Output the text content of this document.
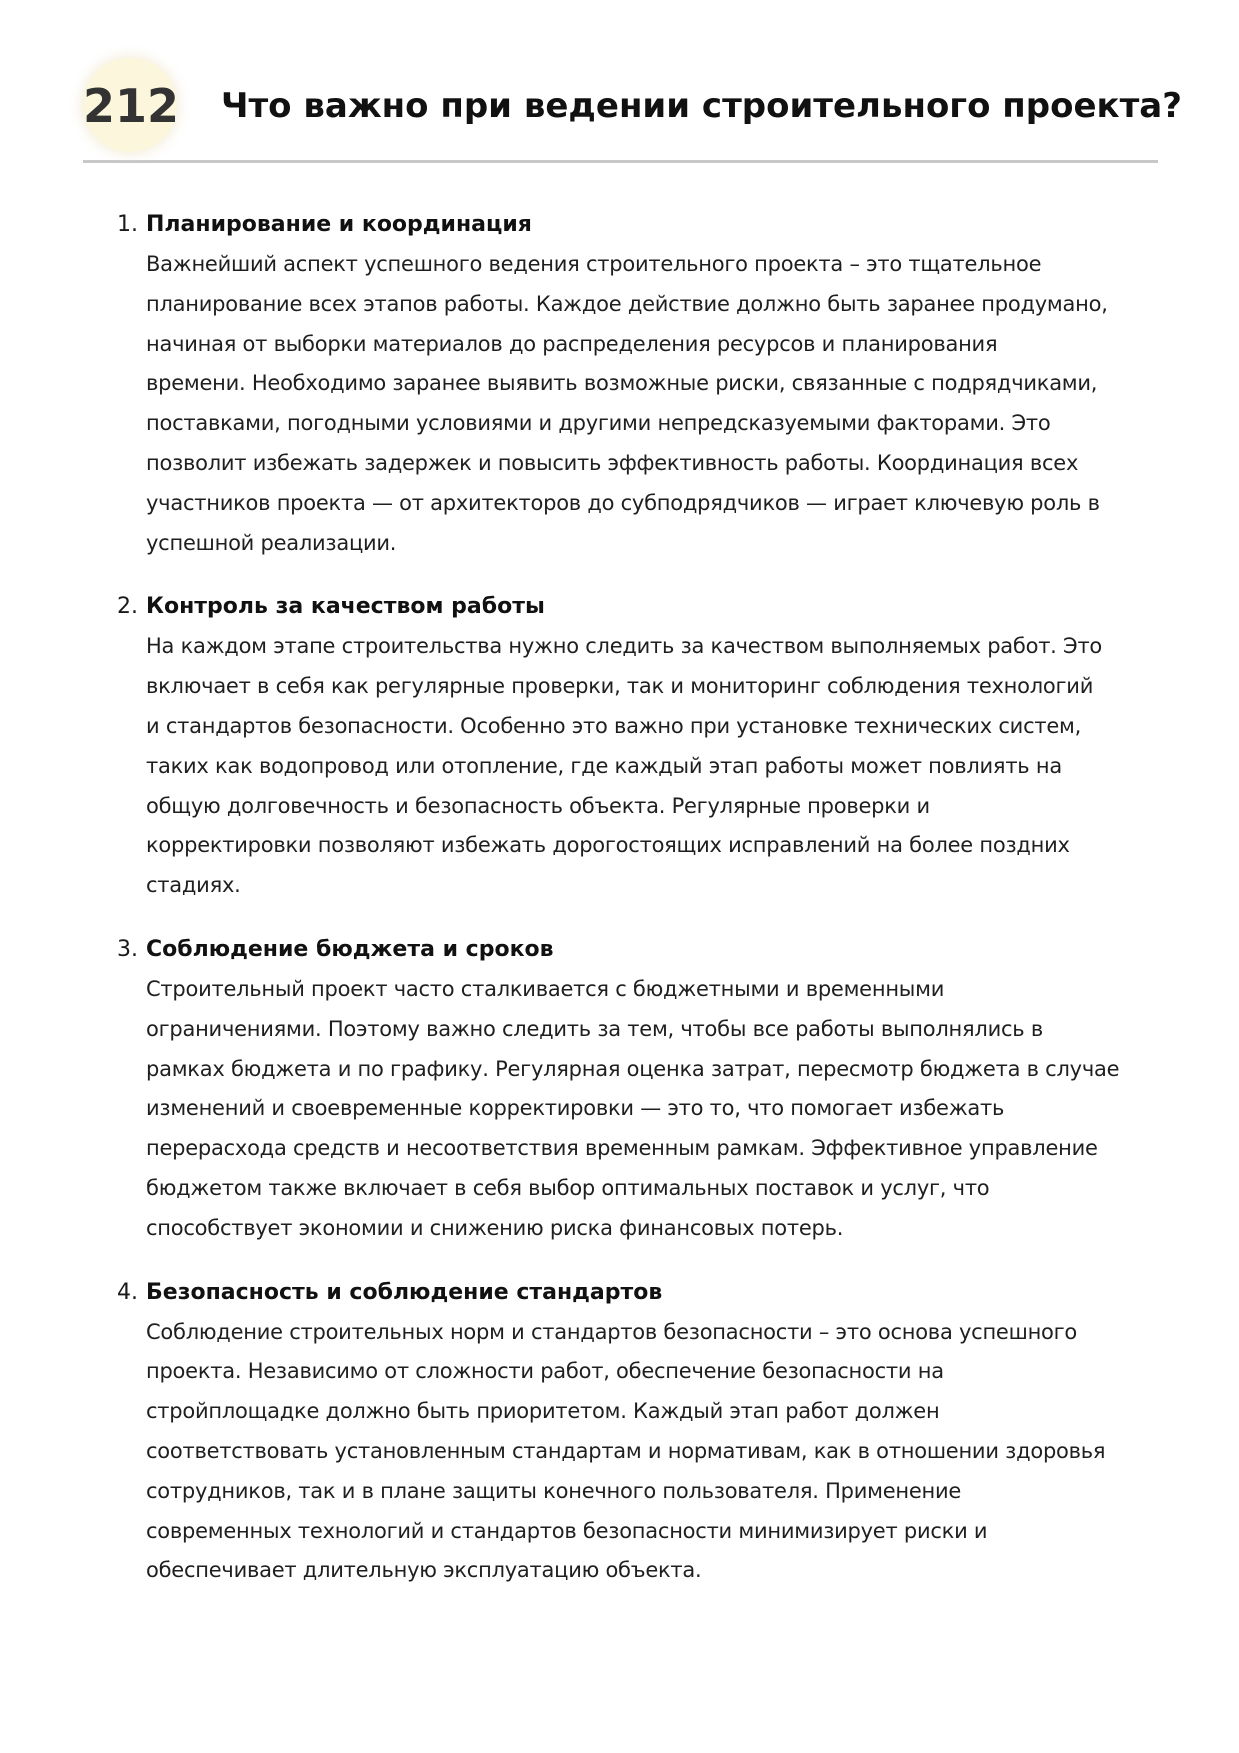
212 Что важно при ведении строительного проекта?
1. Планирование и координация
Важнейший аспект успешного ведения строительного проекта – это тщательное
планирование всех этапов работы. Каждое действие должно быть заранее продумано,
начиная от выборки материалов до распределения ресурсов и планирования
времени. Необходимо заранее выявить возможные риски, связанные с подрядчиками,
поставками, погодными условиями и другими непредсказуемыми факторами. Это
позволит избежать задержек и повысить эффективность работы. Координация всех
участников проекта — от архитекторов до субподрядчиков — играет ключевую роль в
успешной реализации.
2. Контроль за качеством работы
На каждом этапе строительства нужно следить за качеством выполняемых работ. Это
включает в себя как регулярные проверки, так и мониторинг соблюдения технологий
и стандартов безопасности. Особенно это важно при установке технических систем,
таких как водопровод или отопление, где каждый этап работы может повлиять на
общую долговечность и безопасность объекта. Регулярные проверки и
корректировки позволяют избежать дорогостоящих исправлений на более поздних
стадиях.
3. Соблюдение бюджета и сроков
Строительный проект часто сталкивается с бюджетными и временными
ограничениями. Поэтому важно следить за тем, чтобы все работы выполнялись в
рамках бюджета и по графику. Регулярная оценка затрат, пересмотр бюджета в случае
изменений и своевременные корректировки — это то, что помогает избежать
перерасхода средств и несоответствия временным рамкам. Эффективное управление
бюджетом также включает в себя выбор оптимальных поставок и услуг, что
способствует экономии и снижению риска финансовых потерь.
4. Безопасность и соблюдение стандартов
Соблюдение строительных норм и стандартов безопасности – это основа успешного
проекта. Независимо от сложности работ, обеспечение безопасности на
стройплощадке должно быть приоритетом. Каждый этап работ должен
соответствовать установленным стандартам и нормативам, как в отношении здоровья
сотрудников, так и в плане защиты конечного пользователя. Применение
современных технологий и стандартов безопасности минимизирует риски и
обеспечивает длительную эксплуатацию объекта.
